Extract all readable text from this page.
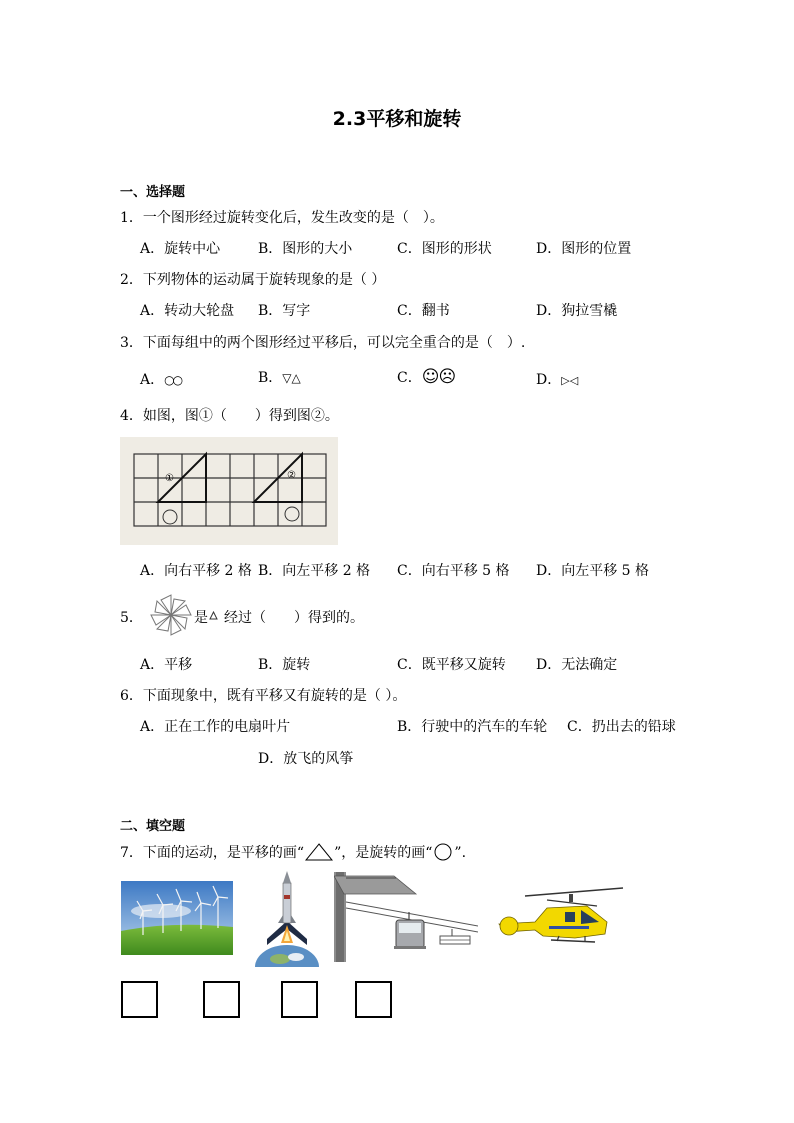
2.3平移和旋转
一、选择题
1．一个图形经过旋转变化后，发生改变的是（　）。
A．旋转中心	B．图形的大小	C．图形的形状	D．图形的位置
2．下列物体的运动属于旋转现象的是（ ）
A．转动大轮盘 B．写字	C．翻书	D．狗拉雪橇
3．下面每组中的两个图形经过平移后，可以完全重合的是（　）.
A．○○	B．▽△	C．☺☹	D．▷◁
4．如图，图①（　　）得到图②。
①	②
A．向右平移 2 格 B．向左平移 2 格 C．向右平移 5 格 D．向左平移 5 格
5．	是 经过（　　）得到的。
A．平移	B．旋转	C．既平移又旋转 D．无法确定
6．下面现象中，既有平移又有旋转的是（ ）。
A．正在工作的电扇叶片	B．行驶中的汽车的车轮 C．扔出去的铅球
D．放飞的风筝
二、填空题
7．下面的运动，是平移的画“ ”，是旋转的画“ ”.
